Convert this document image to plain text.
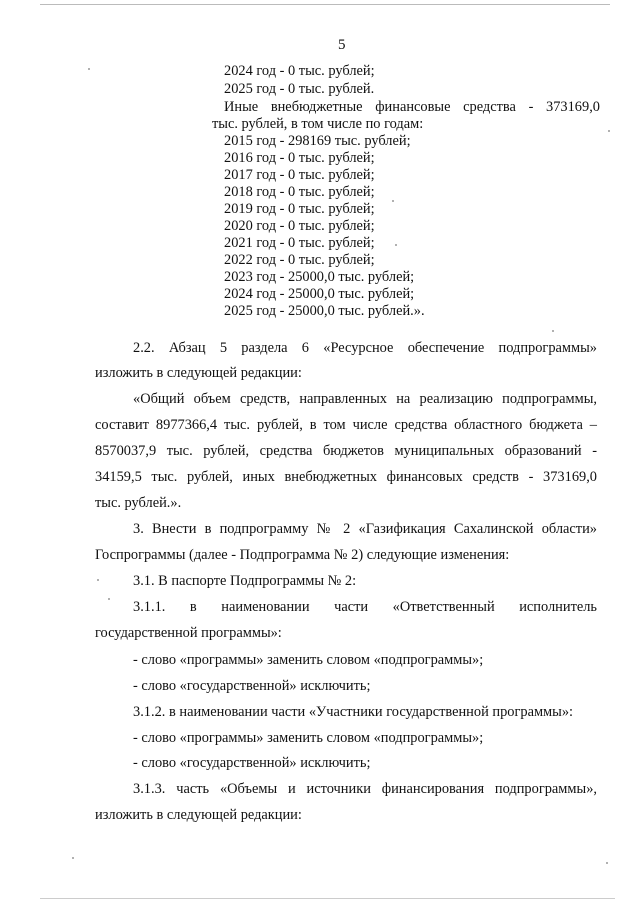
5
2024 год - 0 тыс. рублей;
2025 год - 0 тыс. рублей.
Иные внебюджетные финансовые средства - 373169,0
тыс. рублей, в том числе по годам:
2015 год - 298169 тыс. рублей;
2016 год - 0 тыс. рублей;
2017 год - 0 тыс. рублей;
2018 год - 0 тыс. рублей;
2019 год - 0 тыс. рублей;
2020 год - 0 тыс. рублей;
2021 год - 0 тыс. рублей;
2022 год - 0 тыс. рублей;
2023 год - 25000,0 тыс. рублей;
2024 год - 25000,0 тыс. рублей;
2025 год - 25000,0 тыс. рублей.».
2.2. Абзац 5 раздела 6 «Ресурсное обеспечение подпрограммы»
изложить в следующей редакции:
«Общий объем средств, направленных на реализацию подпрограммы,
составит 8977366,4 тыс. рублей, в том числе средства областного бюджета –
8570037,9 тыс. рублей, средства бюджетов муниципальных образований -
34159,5 тыс. рублей, иных внебюджетных финансовых средств - 373169,0
тыс. рублей.».
3. Внести в подпрограмму № 2 «Газификация Сахалинской области»
Госпрограммы (далее - Подпрограмма № 2) следующие изменения:
3.1. В паспорте Подпрограммы № 2:
3.1.1. в наименовании части «Ответственный исполнитель
государственной программы»:
- слово «программы» заменить словом «подпрограммы»;
- слово «государственной» исключить;
3.1.2. в наименовании части «Участники государственной программы»:
- слово «программы» заменить словом «подпрограммы»;
- слово «государственной» исключить;
3.1.3. часть «Объемы и источники финансирования подпрограммы»,
изложить в следующей редакции:
